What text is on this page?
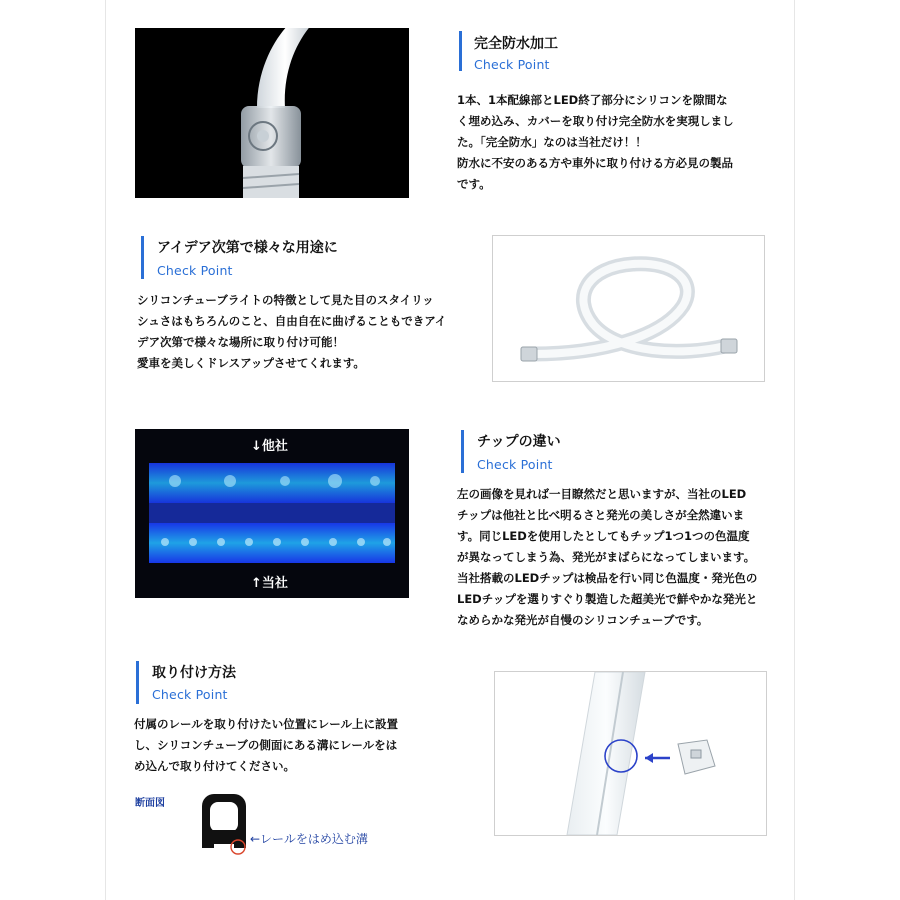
完全防水加工
Check Point

1本、1本配線部とLED終了部分にシリコンを隙間な

く埋め込み、カバーを取り付け完全防水を実現しまし

た。「完全防水」なのは当社だけ！！

防水に不安のある方や車外に取り付ける方必見の製品

です。

アイデア次第で様々な用途に
Check Point

シリコンチューブライトの特徴として見た目のスタイリッ

シュさはもちろんのこと、自由自在に曲げることもできアイ

デア次第で様々な場所に取り付け可能！

愛車を美しくドレスアップさせてくれます。

↓他社
↑当社
チップの違い
Check Point

左の画像を見れば一目瞭然だと思いますが、当社のLED

チップは他社と比べ明るさと発光の美しさが全然違いま

す。同じLEDを使用したとしてもチップ1つ1つの色温度

が異なってしまう為、発光がまばらになってしまいます。

当社搭載のLEDチップは検品を行い同じ色温度・発光色の

LEDチップを選りすぐり製造した超美光で鮮やかな発光と

なめらかな発光が自慢のシリコンチューブです。

取り付け方法
Check Point

付属のレールを取り付けたい位置にレール上に設置

し、シリコンチューブの側面にある溝にレールをは

め込んで取り付けてください。

断面図
←レールをはめ込む溝
